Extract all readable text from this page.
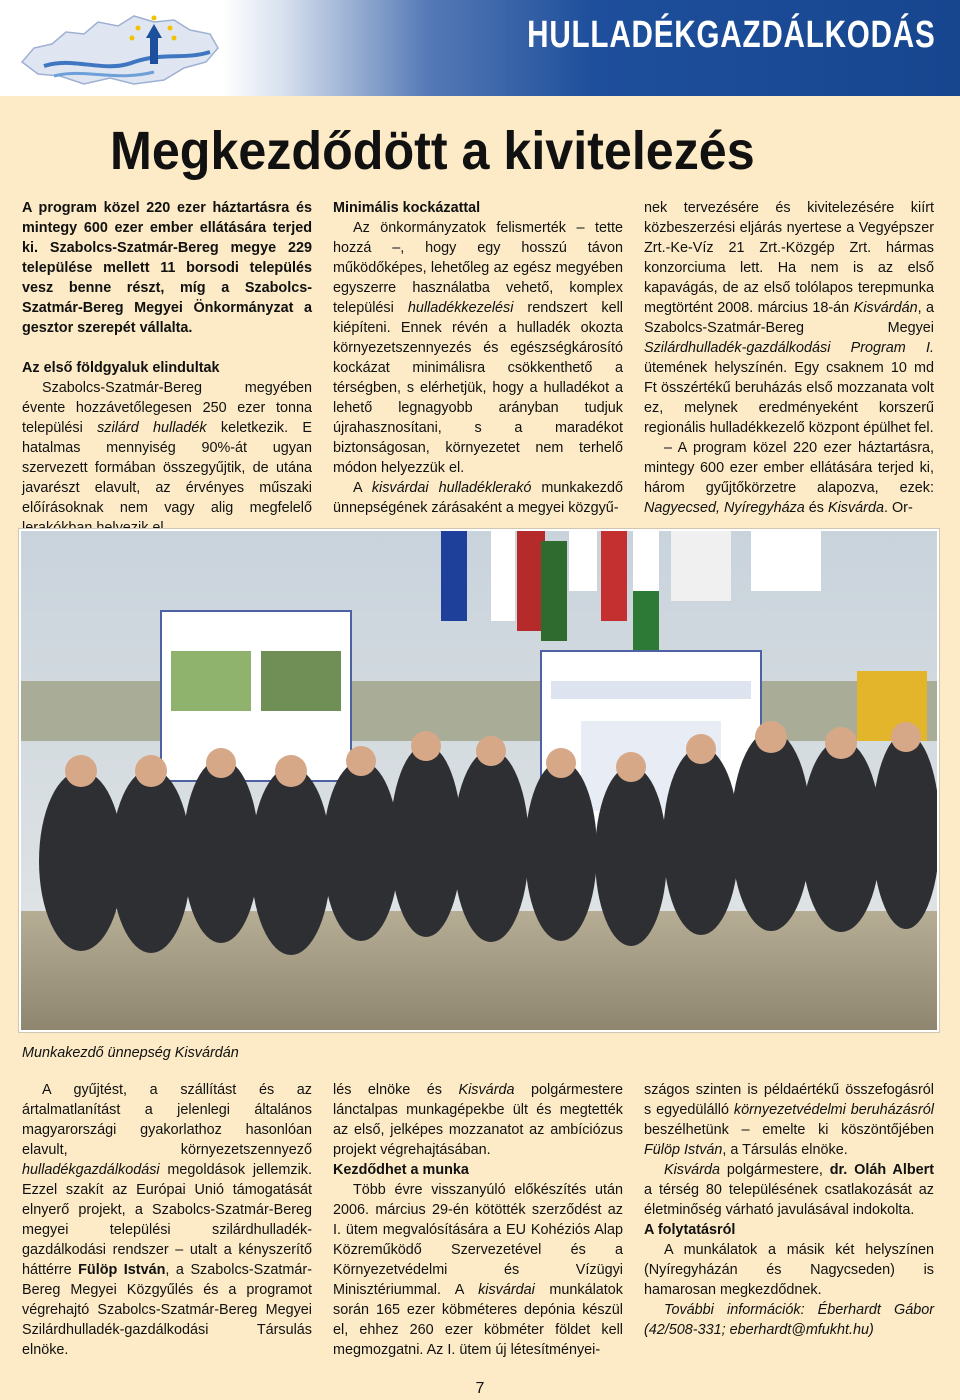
HULLADÉKGAZDÁLKODÁS
Megkezdődött a kivitelezés

A program közel 220 ezer háztartásra és mintegy 600 ezer ember ellátására terjed ki. Szabolcs-Szatmár-Bereg megye 229 települése mellett 11 borsodi település vesz benne részt, míg a Szabolcs-Szatmár-Bereg Megyei Önkormányzat a gesztor szerepét vállalta.

Az első földgyaluk elindultak

Szabolcs-Szatmár-Bereg megyében évente hozzávetőlegesen 250 ezer tonna települési szilárd hulladék keletkezik. E hatalmas mennyiség 90%-át ugyan szervezett formában összegyűjtik, de utána javarészt elavult, az érvényes műszaki előírásoknak nem vagy alig megfelelő

Minimális kockázattal

Az önkormányzatok felismerték – tette hozzá –, hogy egy hosszú távon működőképes, lehetőleg az egész megyében egyszerre használatba vehető, komplex települési hulladékkezelési rendszert kell kiépíteni. Ennek révén a hulladék okozta környezetszennyezés és egészségkárosító kockázat minimálisra csökkenthető a térségben, s elérhetjük, hogy a hulladékot a lehető legnagyobb arányban tudjuk újrahasznosítani, s a maradékot biztonságosan, környezetet nem terhelő módon helyezzük el.

A kisvárdai hulladéklerakó munkakezdő ünnepségének zárásaként a megyei közgyű-

nek tervezésére és kivitelezésére kiírt közbeszerzési eljárás nyertese a Vegyépszer Zrt.-Ke-Víz 21 Zrt.-Közgép Zrt. hármas konzorciuma lett. Ha nem is az első kapavágás, de az első tolólapos terepmunka megtörtént 2008. március 18-án Kisvárdán, a Szabolcs-Szatmár-Bereg Megyei Szilárdhulladék-gazdálkodási Program I. ütemének helyszínén. Egy csaknem 10 md Ft összértékű beruházás első mozzanata volt ez, melynek eredményeként korszerű regionális hulladékkezelő központ épülhet fel.

– A program közel 220 ezer háztartásra, mintegy 600 ezer ember ellátására terjed ki, három gyűjtőkörzetre alapozva, ezek: Nagyecsed, Nyíregyháza és Kisvárda. Or-

Munkakezdő ünnepség Kisvárdán

A gyűjtést, a szállítást és az ártalmatlanítást a jelenlegi általános magyarországi gyakorlathoz hasonlóan elavult, környezetszennyező hulladékgazdálkodási megoldások jellemzik. Ezzel szakít az Európai Unió támogatását elnyerő projekt, a Szabolcs-Szatmár-Bereg megyei települési szilárdhulladék-gazdálkodási rendszer – utalt a kényszerítő háttérre Fülöp István, a Szabolcs-Szatmár-Bereg Megyei Közgyűlés és a programot végrehajtó Szabolcs-Szatmár-Bereg Megyei Szilárdhulladék-gazdálkodási Társulás elnöke.

lés elnöke és Kisvárda polgármestere lánctalpas munkagépekbe ült és megtették az első, jelképes mozzanatot az ambíciózus projekt végrehajtásában.

Kezdődhet a munka

Több évre visszanyúló előkészítés után 2006. március 29-én kötötték szerződést az I. ütem megvalósítására a EU Kohéziós Alap Közreműködő Szervezetével és a Környezetvédelmi és Vízügyi Minisztériummal. A kisvárdai munkálatok során 165 ezer köbméteres depónia készül el, ehhez 260 ezer köbméter földet kell megmozgatni. Az I. ütem új létesítményei-

szágos szinten is példaértékű összefogásról s egyedülálló környezetvédelmi beruházásról beszélhetünk – emelte ki köszöntőjében Fülöp István, a Társulás elnöke.

Kisvárda polgármestere, dr. Oláh Albert a térség 80 településének csatlakozását az életminőség várható javulásával indokolta.

A folytatásról

A munkálatok a másik két helyszínen (Nyíregyházán és Nagycseden) is hamarosan megkezdődnek.

További információk: Éberhardt Gábor (42/508-331; eberhardt@mfukht.hu)

7
